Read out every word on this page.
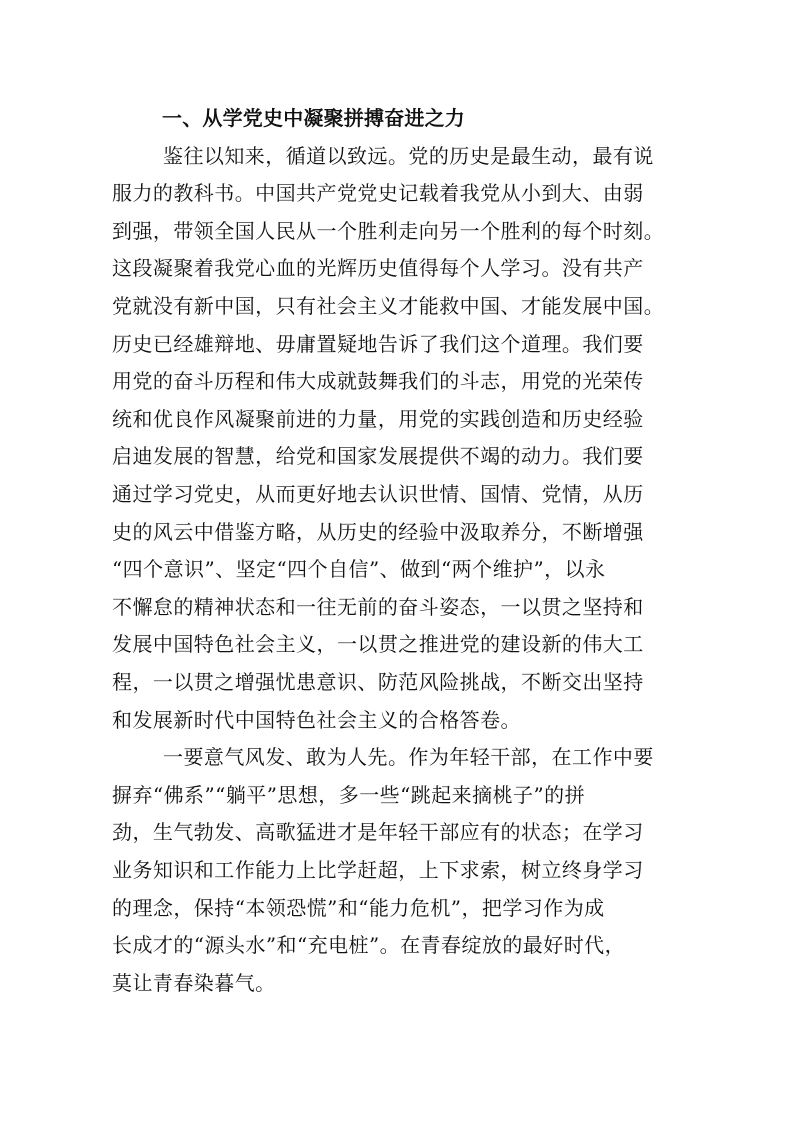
一、从学党史中凝聚拼搏奋进之力
鉴往以知来，循道以致远。党的历史是最生动，最有说
服力的教科书。中国共产党党史记载着我党从小到大、由弱
到强，带领全国人民从一个胜利走向另一个胜利的每个时刻。
这段凝聚着我党心血的光辉历史值得每个人学习。没有共产
党就没有新中国，只有社会主义才能救中国、才能发展中国。
历史已经雄辩地、毋庸置疑地告诉了我们这个道理。我们要
用党的奋斗历程和伟大成就鼓舞我们的斗志，用党的光荣传
统和优良作风凝聚前进的力量，用党的实践创造和历史经验
启迪发展的智慧，给党和国家发展提供不竭的动力。我们要
通过学习党史，从而更好地去认识世情、国情、党情，从历
史的风云中借鉴方略，从历史的经验中汲取养分，不断增强
“四个意识”、坚定“四个自信”、做到“两个维护”，以永
不懈怠的精神状态和一往无前的奋斗姿态，一以贯之坚持和
发展中国特色社会主义，一以贯之推进党的建设新的伟大工
程，一以贯之增强忧患意识、防范风险挑战，不断交出坚持
和发展新时代中国特色社会主义的合格答卷。
一要意气风发、敢为人先。作为年轻干部，在工作中要
摒弃“佛系”“躺平”思想，多一些“跳起来摘桃子”的拼
劲，生气勃发、高歌猛进才是年轻干部应有的状态；在学习
业务知识和工作能力上比学赶超，上下求索，树立终身学习
的理念，保持“本领恐慌”和“能力危机”，把学习作为成
长成才的“源头水”和“充电桩”。在青春绽放的最好时代，
莫让青春染暮气。
